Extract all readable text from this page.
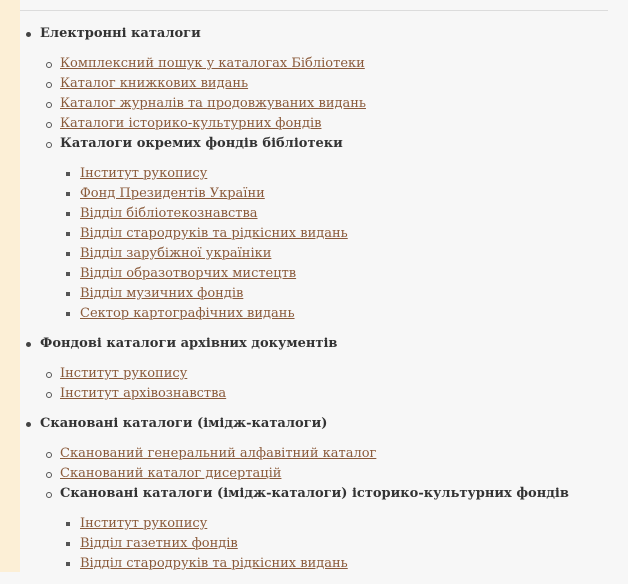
Електронні каталоги
Комплексний пошук у каталогах Бібліотеки
Каталог книжкових видань
Каталог журналів та продовжуваних видань
Каталоги історико-культурних фондів
Каталоги окремих фондів бібліотеки
Інститут рукопису
Фонд Президентів України
Відділ бібліотекознавства
Відділ стародруків та рідкісних видань
Відділ зарубіжної україніки
Відділ образотворчих мистецтв
Відділ музичних фондів
Сектор картографічних видань
Фондові каталоги архівних документів
Інститут рукопису
Інститут архівознавства
Скановані каталоги (імідж-каталоги)
Сканований генеральний алфавітний каталог
Сканований каталог дисертацій
Скановані каталоги (імідж-каталоги) історико-культурних фондів
Інститут рукопису
Відділ газетних фондів
Відділ стародруків та рідкісних видань
